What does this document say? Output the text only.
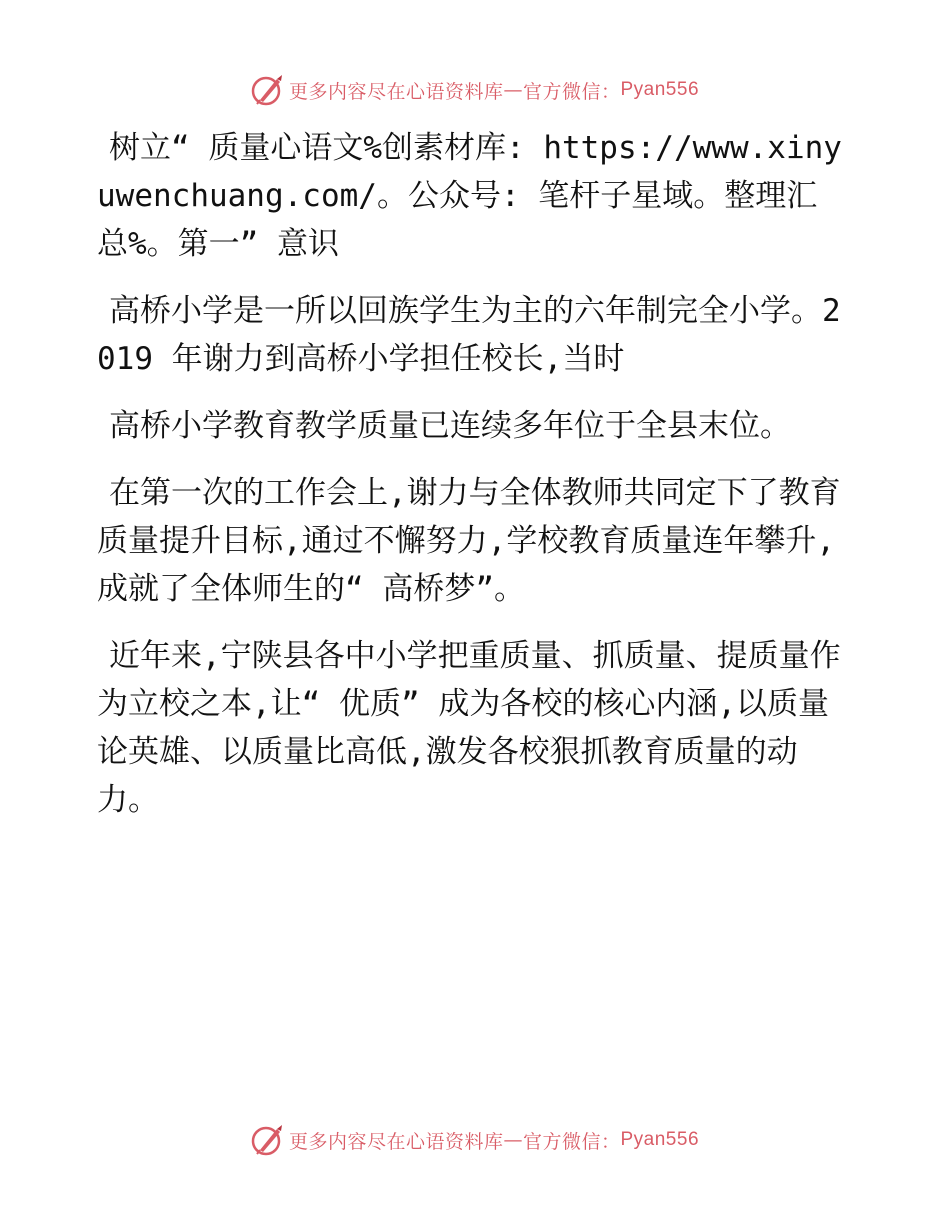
更多内容尽在心语资料库 — 官方微信： Pyan556

树立“ 质量心语文%创素材库: https://www.xinyuwenchuang.com/。公众号: 笔杆子星域。整理汇总%。第一” 意识

高桥小学是一所以回族学生为主的六年制完全小学。2019 年谢力到高桥小学担任校长,当时

高桥小学教育教学质量已连续多年位于全县末位。

在第一次的工作会上,谢力与全体教师共同定下了教育质量提升目标,通过不懈努力,学校教育质量连年攀升,成就了全体师生的“ 高桥梦”。

近年来,宁陕县各中小学把重质量、抓质量、提质量作为立校之本,让“ 优质” 成为各校的核心内涵,以质量论英雄、以质量比高低,激发各校狠抓教育质量的动力。

更多内容尽在心语资料库 — 官方微信： Pyan556
